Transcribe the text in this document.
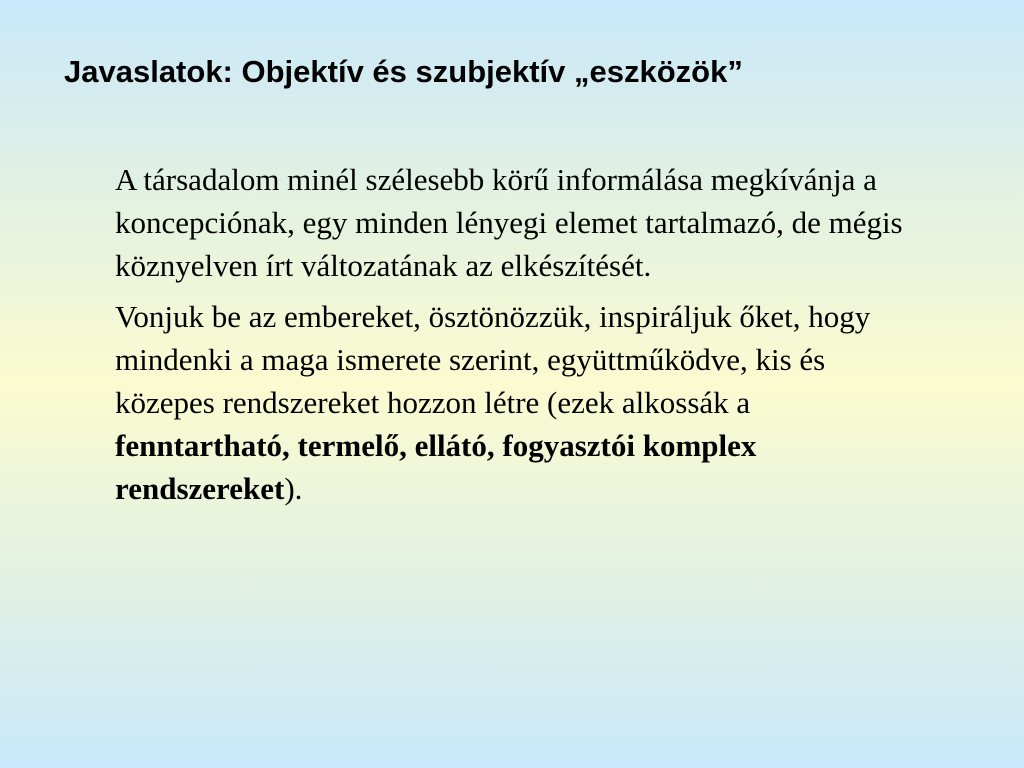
Javaslatok: Objektív és szubjektív „eszközök”

A társadalom minél szélesebb körű informálása megkívánja a koncepciónak, egy minden lényegi elemet tartalmazó, de mégis köznyelven írt változatának az elkészítését.

Vonjuk be az embereket, ösztönözzük, inspiráljuk őket, hogy mindenki a maga ismerete szerint, együttműködve, kis és közepes rendszereket hozzon létre (ezek alkossák a fenntartható, termelő, ellátó, fogyasztói komplex rendszereket).
